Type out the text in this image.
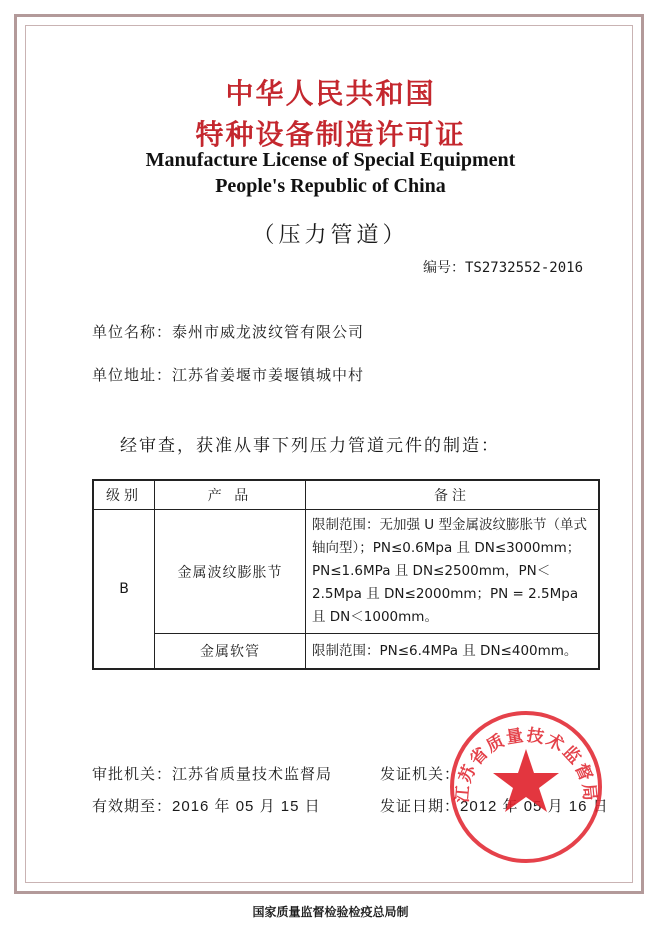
中华人民共和国
特种设备制造许可证
Manufacture License of Special Equipment
People's Republic of China
（压力管道）
编号：TS2732552-2016
单位名称：泰州市威龙波纹管有限公司
单位地址：江苏省姜堰市姜堰镇城中村
经审查，获准从事下列压力管道元件的制造：
级别	产 品	备注
B	金属波纹膨胀节	限制范围：无加强 U 型金属波纹膨胀节（单式轴向型）；PN≤0.6Mpa 且 DN≤3000mm；PN≤1.6MPa 且 DN≤2500mm，PN＜2.5Mpa 且 DN≤2000mm；PN = 2.5Mpa 且 DN＜1000mm。
	金属软管	限制范围：PN≤6.4MPa 且 DN≤400mm。
审批机关：江苏省质量技术监督局	发证机关：
有效期至：2016 年 05 月 15 日	发证日期：2012 年 05 月 16 日
江苏省质量技术监督局
国家质量监督检验检疫总局制
